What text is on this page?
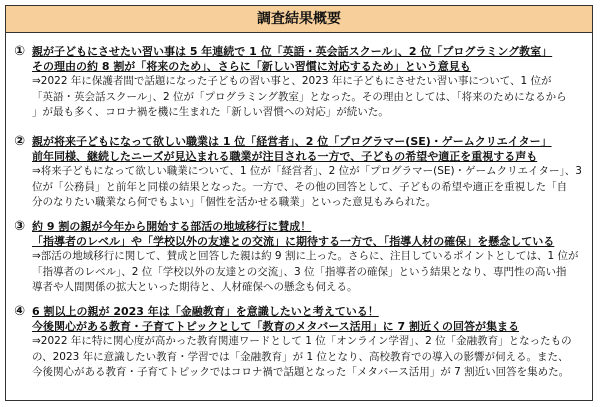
調査結果概要
① 親が子どもにさせたい習い事は 5 年連続で 1 位「英語・英会話スクール」、2 位「プログラミング教室」
その理由の約 8 割が「将来のため」、さらに「新しい習慣に対応するため」という意見も
⇒2022 年に保護者間で話題になった子どもの習い事と、2023 年に子どもにさせたい習い事について、1 位が
「英語・英会話スクール」、2 位が「プログラミング教室」となった。その理由としては、「将来のためになるから
」が最も多く、コロナ禍を機に生まれた「新しい習慣への対応」が続いた。
② 親が将来子どもになって欲しい職業は 1 位「経営者」、2 位「プログラマー(SE)・ゲームクリエイター」
前年同様、継続したニーズが見込まれる職業が注目される一方で、子どもの希望や適正を重視する声も
⇒将来子どもになって欲しい職業について、1 位が「経営者」、2 位が「プログラマー(SE)・ゲームクリエイター」、3
位が「公務員」と前年と同様の結果となった。一方で、その他の回答として、子どもの希望や適正を重視した「自
分のなりたい職業なら何でもよい」「個性を活かせる職業」といった意見もみられた。
③ 約 9 割の親が今年から開始する部活の地域移行に賛成！
「指導者のレベル」や「学校以外の友達との交流」に期待する一方で、「指導人材の確保」を懸念している
⇒部活の地域移行に関して、賛成と回答した親は約 9 割に上った。さらに、注目しているポイントとしては、1 位が
「指導者のレベル」、2 位「学校以外の友達との交流」、3 位「指導者の確保」という結果となり、専門性の高い指
導者や人間関係の拡大といった期待と、人材確保への懸念も伺える。
④ 6 割以上の親が 2023 年は「金融教育」を意識したいと考えている！
今後関心がある教育・子育てトピックとして「教育のメタバース活用」に 7 割近くの回答が集まる
⇒2022 年に特に関心度が高かった教育関連ワードとして 1 位「オンライン学習」、2 位「金融教育」となったもの
の、2023 年に意識したい教育・学習では「金融教育」が 1 位となり、高校教育での導入の影響が伺える。また、
今後関心がある教育・子育てトピックではコロナ禍で話題となった「メタバース活用」が 7 割近い回答を集めた。
